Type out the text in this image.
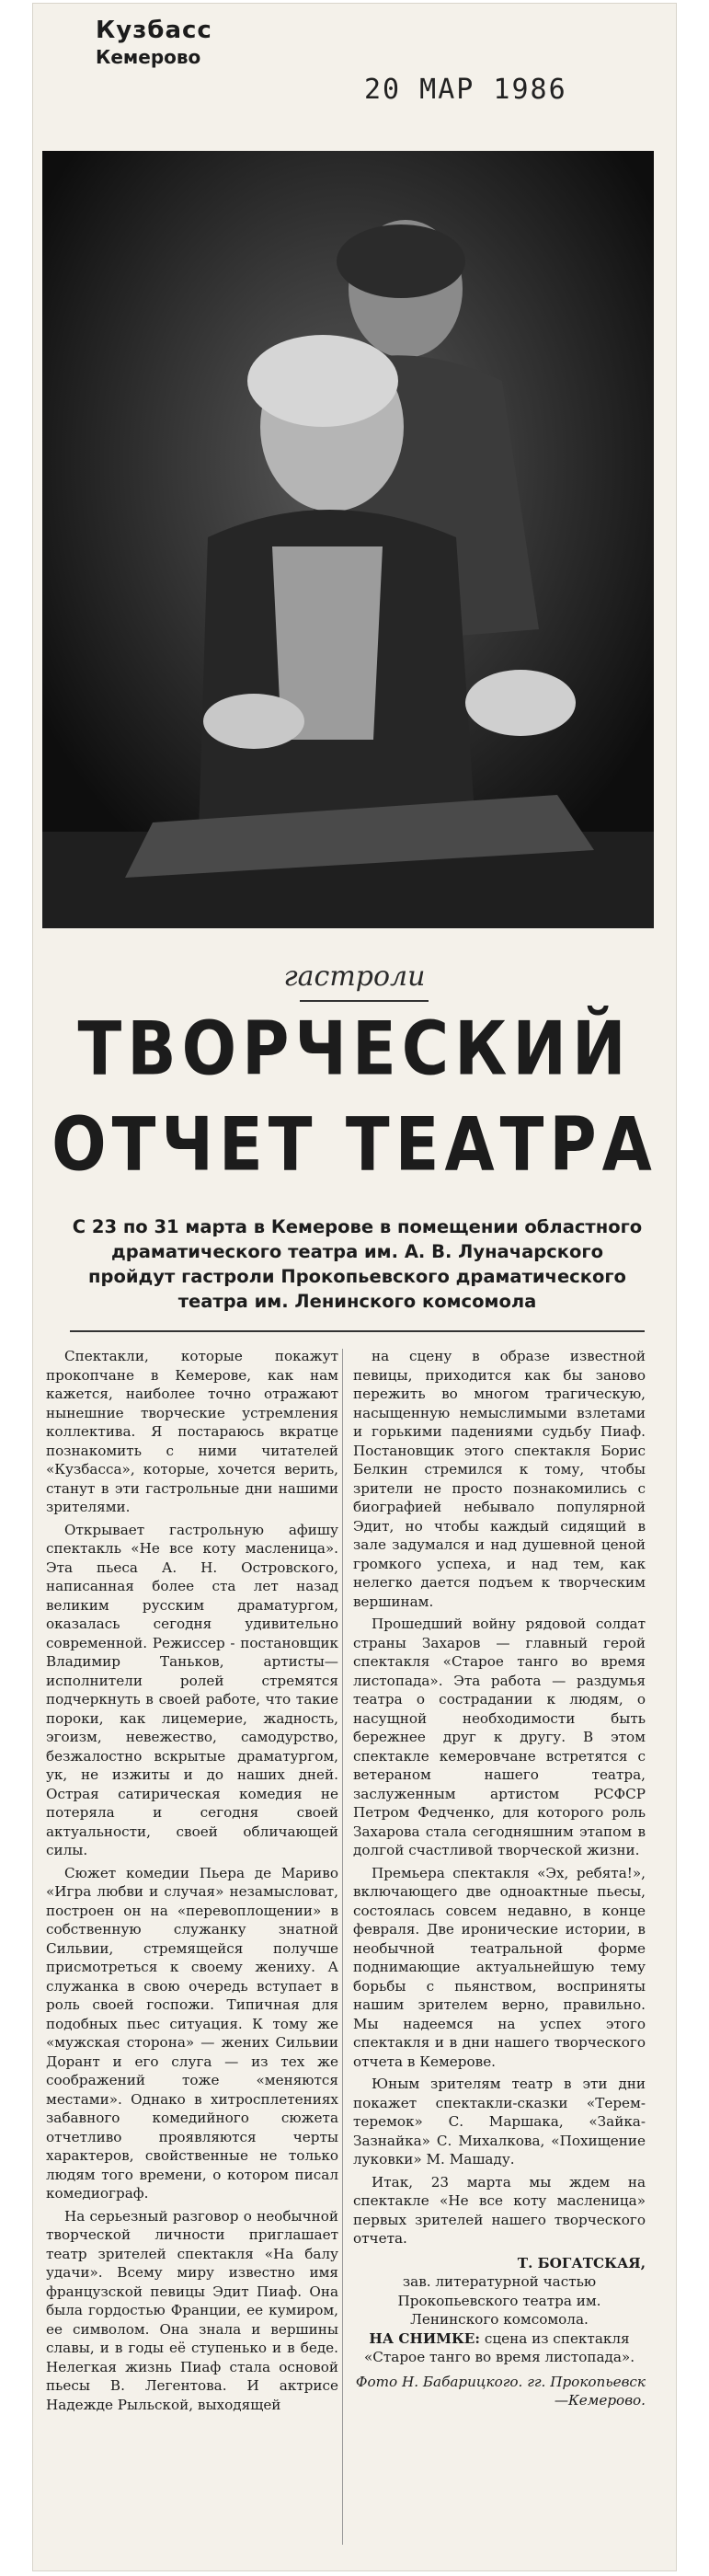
Кузбасс
Кемерово
20 МАР 1986
гастроли
ТВОРЧЕСКИЙ
ОТЧЕТ ТЕАТРА
С 23 по 31 марта в Кемерове в помещении областного драматического театра им. А. В. Луначарского пройдут гастроли Прокопьевского драматического театра им. Ленинского комсомола

Спектакли, которые покажут прокопчане в Кемерове, как нам кажется, наиболее точно отражают нынешние творческие устремления коллектива. Я постараюсь вкратце познакомить с ними читателей «Кузбасса», которые, хочется верить, станут в эти гастрольные дни нашими зрителями.

Открывает гастрольную афишу спектакль «Не все коту масленица». Эта пьеса А. Н. Островского, написанная более ста лет назад великим русским драматургом, оказалась сегодня удивительно современной. Режиссер - постановщик Владимир Таньков, артисты—исполнители ролей стремятся подчеркнуть в своей работе, что такие пороки, как лицемерие, жадность, эгоизм, невежество, самодурство, безжалостно вскрытые драматургом, ук, не изжиты и до наших дней. Острая сатирическая комедия не потеряла и сегодня своей актуальности, своей обличающей силы.

Сюжет комедии Пьера де Мариво «Игра любви и случая» незамысловат, построен он на «перевоплощении» в собственную служанку знатной Сильвии, стремящейся получше присмотреться к своему жениху. А служанка в свою очередь вступает в роль своей госпожи. Типичная для подобных пьес ситуация. К тому же «мужская сторона» — жених Сильвии Дорант и его слуга — из тех же соображений тоже «меняются местами». Однако в хитросплетениях забавного комедийного сюжета отчетливо проявляются черты характеров, свойственные не только людям того времени, о котором писал комедиограф.

На серьезный разговор о необычной творческой личности приглашает театр зрителей спектакля «На балу удачи». Всему миру известно имя французской певицы Эдит Пиаф. Она была гордостью Франции, ее кумиром, ее символом. Она знала и вершины славы, и в годы её ступенько и в беде. Нелегкая жизнь Пиаф стала основой пьесы В. Легентова. И актрисе Надежде Рыльской, выходящей

на сцену в образе известной певицы, приходится как бы заново пережить во многом трагическую, насыщенную немыслимыми взлетами и горькими падениями судьбу Пиаф. Постановщик этого спектакля Борис Белкин стремился к тому, чтобы зрители не просто познакомились с биографией небывало популярной Эдит, но чтобы каждый сидящий в зале задумался и над душевной ценой громкого успеха, и над тем, как нелегко дается подъем к творческим вершинам.

Прошедший войну рядовой солдат страны Захаров — главный герой спектакля «Старое танго во время листопада». Эта работа — раздумья театра о сострадании к людям, о насущной необходимости быть бережнее друг к другу. В этом спектакле кемеровчане встретятся с ветераном нашего театра, заслуженным артистом РСФСР Петром Федченко, для которого роль Захарова стала сегодняшним этапом в долгой счастливой творческой жизни.

Премьера спектакля «Эх, ребята!», включающего две одноактные пьесы, состоялась совсем недавно, в конце февраля. Две иронические истории, в необычной театральной форме поднимающие актуальнейшую тему борьбы с пьянством, восприняты нашим зрителем верно, правильно. Мы надеемся на успех этого спектакля и в дни нашего творческого отчета в Кемерове.

Юным зрителям театр в эти дни покажет спектакли-сказки «Терем-теремок» С. Маршака, «Зайка-Зазнайка» С. Михалкова, «Похищение луковки» М. Машаду.

Итак, 23 марта мы ждем на спектакле «Не все коту масленица» первых зрителей нашего творческого отчета.

Т. БОГАТСКАЯ,
зав. литературной частью Прокопьевского театра им. Ленинского комсомола.
НА СНИМКЕ: сцена из спектакля «Старое танго во время листопада».
Фото Н. Бабарицкого. гг. Прокопьевск—Кемерово.
